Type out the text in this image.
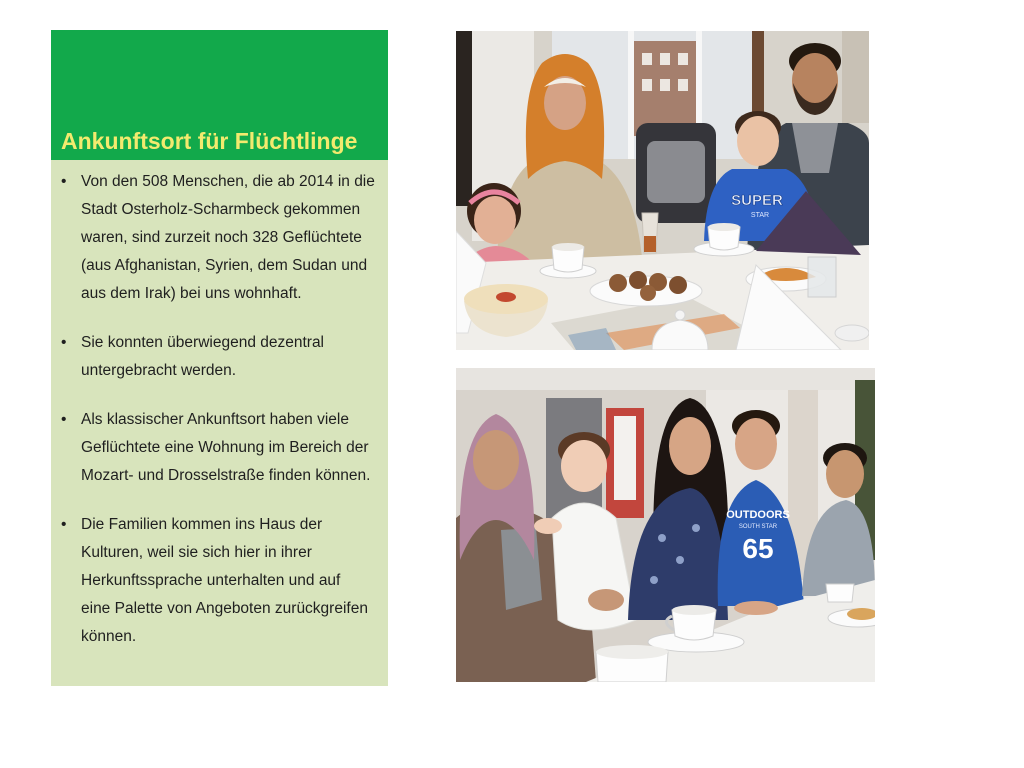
Ankunftsort für Flüchtlinge
• Von den 508 Menschen, die ab 2014 in die
Stadt Osterholz-Scharmbeck gekommen
waren, sind zurzeit noch 328 Geflüchtete
(aus Afghanistan, Syrien, dem Sudan und
aus dem Irak) bei uns wohnhaft.
• Sie konnten überwiegend dezentral
untergebracht werden.
• Als klassischer Ankunftsort haben viele
Geflüchtete eine Wohnung im Bereich der
Mozart- und Drosselstraße finden können.
• Die Familien kommen ins Haus der
Kulturen, weil sie sich hier in ihrer
Herkunftssprache unterhalten und auf
eine Palette von Angeboten zurückgreifen
können.
SUPER
STAR
OUTDOORS
SOUTH STAR
65
